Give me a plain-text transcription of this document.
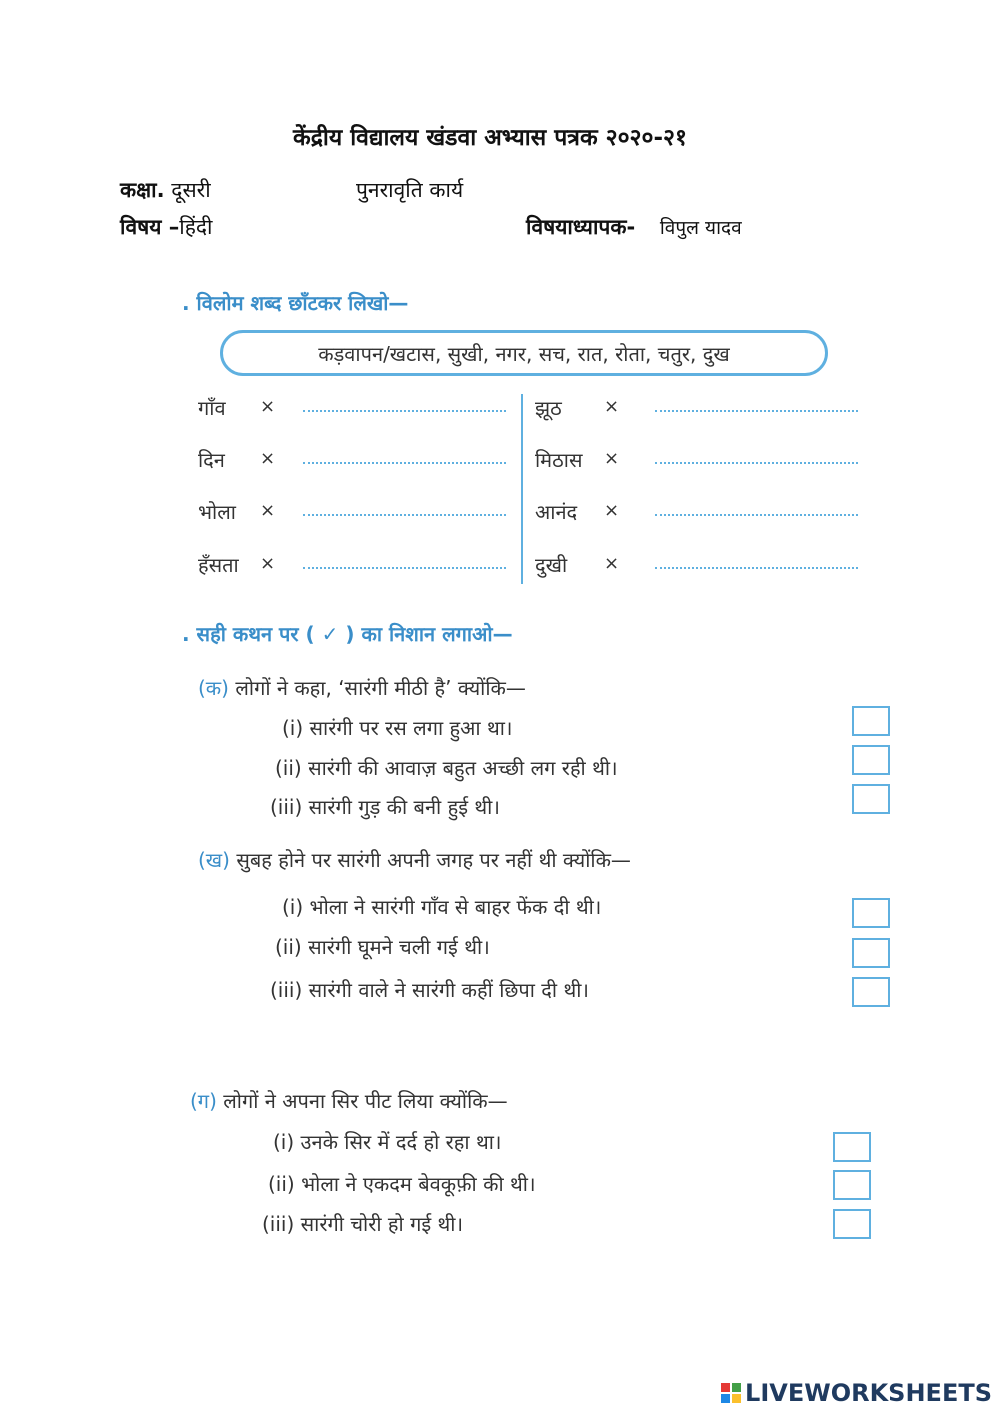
केंद्रीय विद्यालय खंडवा अभ्यास पत्रक २०२०-२१
कक्षा. दूसरी	पुनरावृति कार्य
विषय –हिंदी	विषयाध्यापक- विपुल यादव
. विलोम शब्द छाँटकर लिखो—
कड़वापन/खटास, सुखी, नगर, सच, रात, रोता, चतुर, दुख
गाँव ×
दिन ×
भोला ×
हँसता ×
झूठ ×
मिठास ×
आनंद ×
दुखी ×
. सही कथन पर ( ✓ ) का निशान लगाओ—
(क) लोगों ने कहा, ‘सारंगी मीठी है’ क्योंकि—
(i) सारंगी पर रस लगा हुआ था।
(ii) सारंगी की आवाज़ बहुत अच्छी लग रही थी।
(iii) सारंगी गुड़ की बनी हुई थी।
(ख) सुबह होने पर सारंगी अपनी जगह पर नहीं थी क्योंकि—
(i) भोला ने सारंगी गाँव से बाहर फेंक दी थी।
(ii) सारंगी घूमने चली गई थी।
(iii) सारंगी वाले ने सारंगी कहीं छिपा दी थी।
(ग) लोगों ने अपना सिर पीट लिया क्योंकि—
(i) उनके सिर में दर्द हो रहा था।
(ii) भोला ने एकदम बेवकूफ़ी की थी।
(iii) सारंगी चोरी हो गई थी।
LIVEWORKSHEETS
